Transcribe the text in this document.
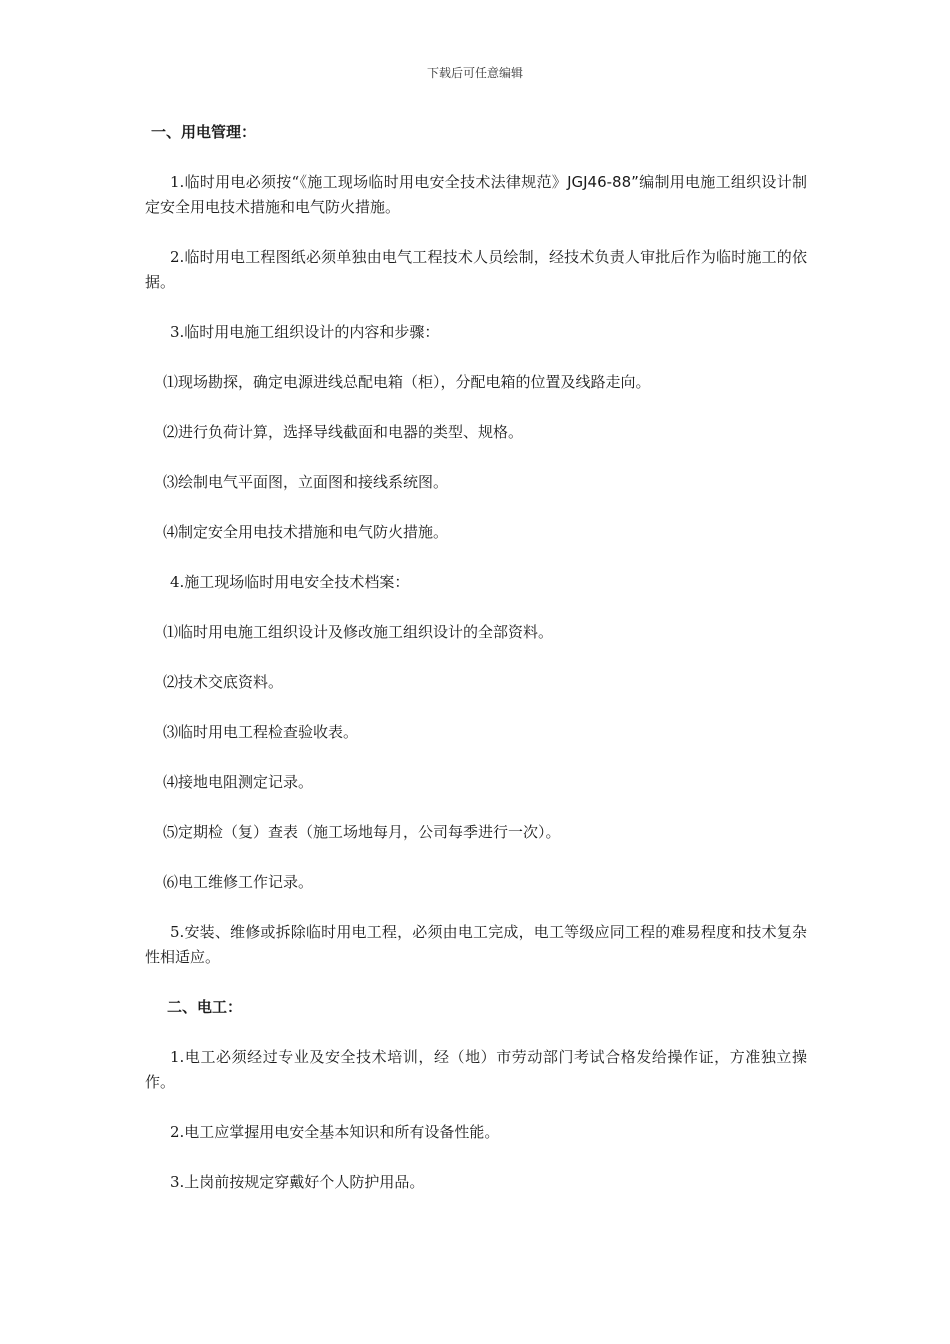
下载后可任意编辑
一、用电管理：
1.临时用电必须按“《施工现场临时用电安全技术法律规范》JGJ46-88”编制用电施工组织设计制定安全用电技术措施和电气防火措施。
2.临时用电工程图纸必须单独由电气工程技术人员绘制，经技术负责人审批后作为临时施工的依据。
3.临时用电施工组织设计的内容和步骤：
⑴现场勘探，确定电源进线总配电箱（柜），分配电箱的位置及线路走向。
⑵进行负荷计算，选择导线截面和电器的类型、规格。
⑶绘制电气平面图，立面图和接线系统图。
⑷制定安全用电技术措施和电气防火措施。
4.施工现场临时用电安全技术档案：
⑴临时用电施工组织设计及修改施工组织设计的全部资料。
⑵技术交底资料。
⑶临时用电工程检查验收表。
⑷接地电阻测定记录。
⑸定期检（复）查表（施工场地每月，公司每季进行一次）。
⑹电工维修工作记录。
5.安装、维修或拆除临时用电工程，必须由电工完成，电工等级应同工程的难易程度和技术复杂性相适应。
二、电工：
1.电工必须经过专业及安全技术培训，经（地）市劳动部门考试合格发给操作证，方准独立操作。
2.电工应掌握用电安全基本知识和所有设备性能。
3.上岗前按规定穿戴好个人防护用品。
